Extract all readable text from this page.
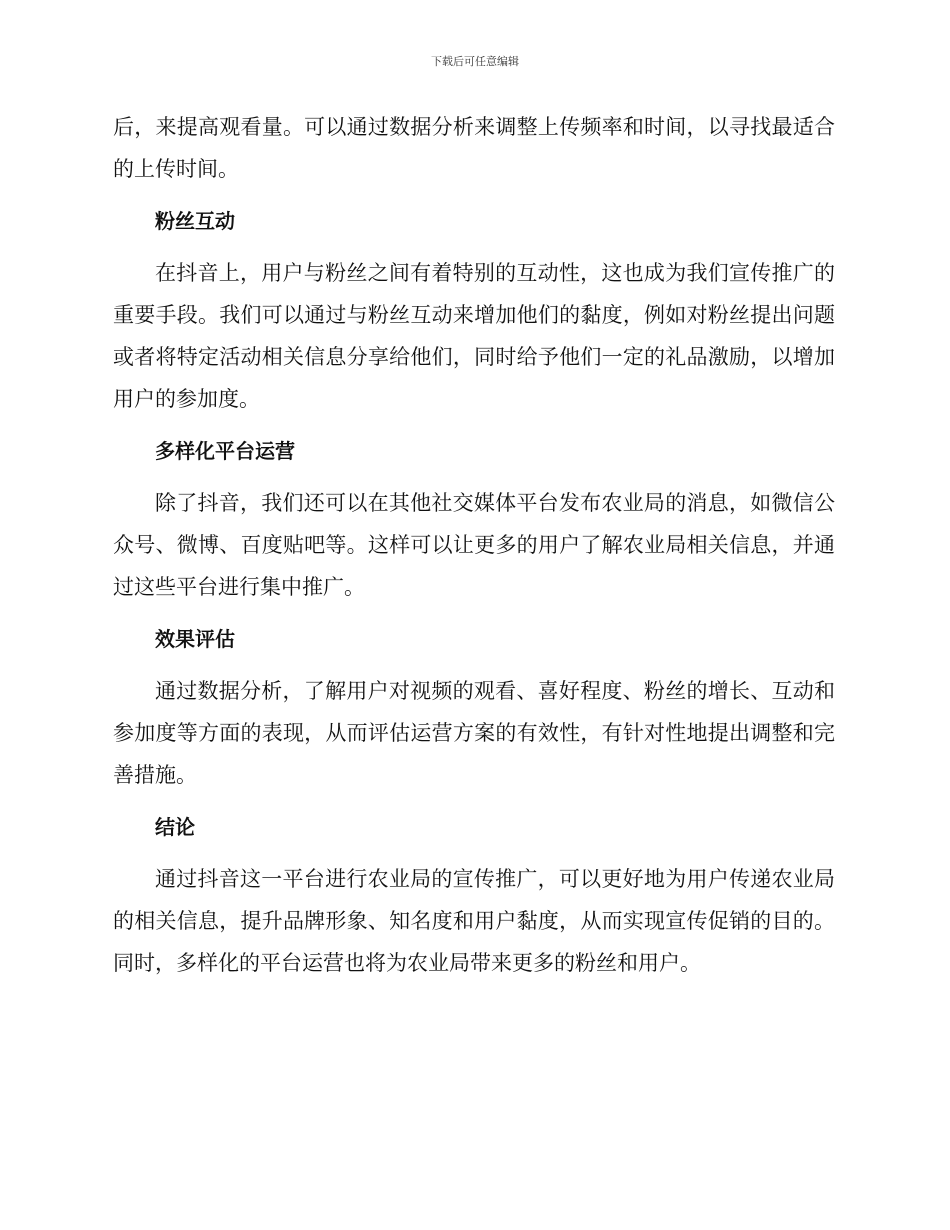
下载后可任意编辑

后，来提高观看量。可以通过数据分析来调整上传频率和时间，以寻找最适合的上传时间。

粉丝互动

在抖音上，用户与粉丝之间有着特别的互动性，这也成为我们宣传推广的重要手段。我们可以通过与粉丝互动来增加他们的黏度，例如对粉丝提出问题或者将特定活动相关信息分享给他们，同时给予他们一定的礼品激励，以增加用户的参加度。

多样化平台运营

除了抖音，我们还可以在其他社交媒体平台发布农业局的消息，如微信公众号、微博、百度贴吧等。这样可以让更多的用户了解农业局相关信息，并通过这些平台进行集中推广。

效果评估

通过数据分析，了解用户对视频的观看、喜好程度、粉丝的增长、互动和参加度等方面的表现，从而评估运营方案的有效性，有针对性地提出调整和完善措施。

结论

通过抖音这一平台进行农业局的宣传推广，可以更好地为用户传递农业局的相关信息，提升品牌形象、知名度和用户黏度，从而实现宣传促销的目的。同时，多样化的平台运营也将为农业局带来更多的粉丝和用户。
